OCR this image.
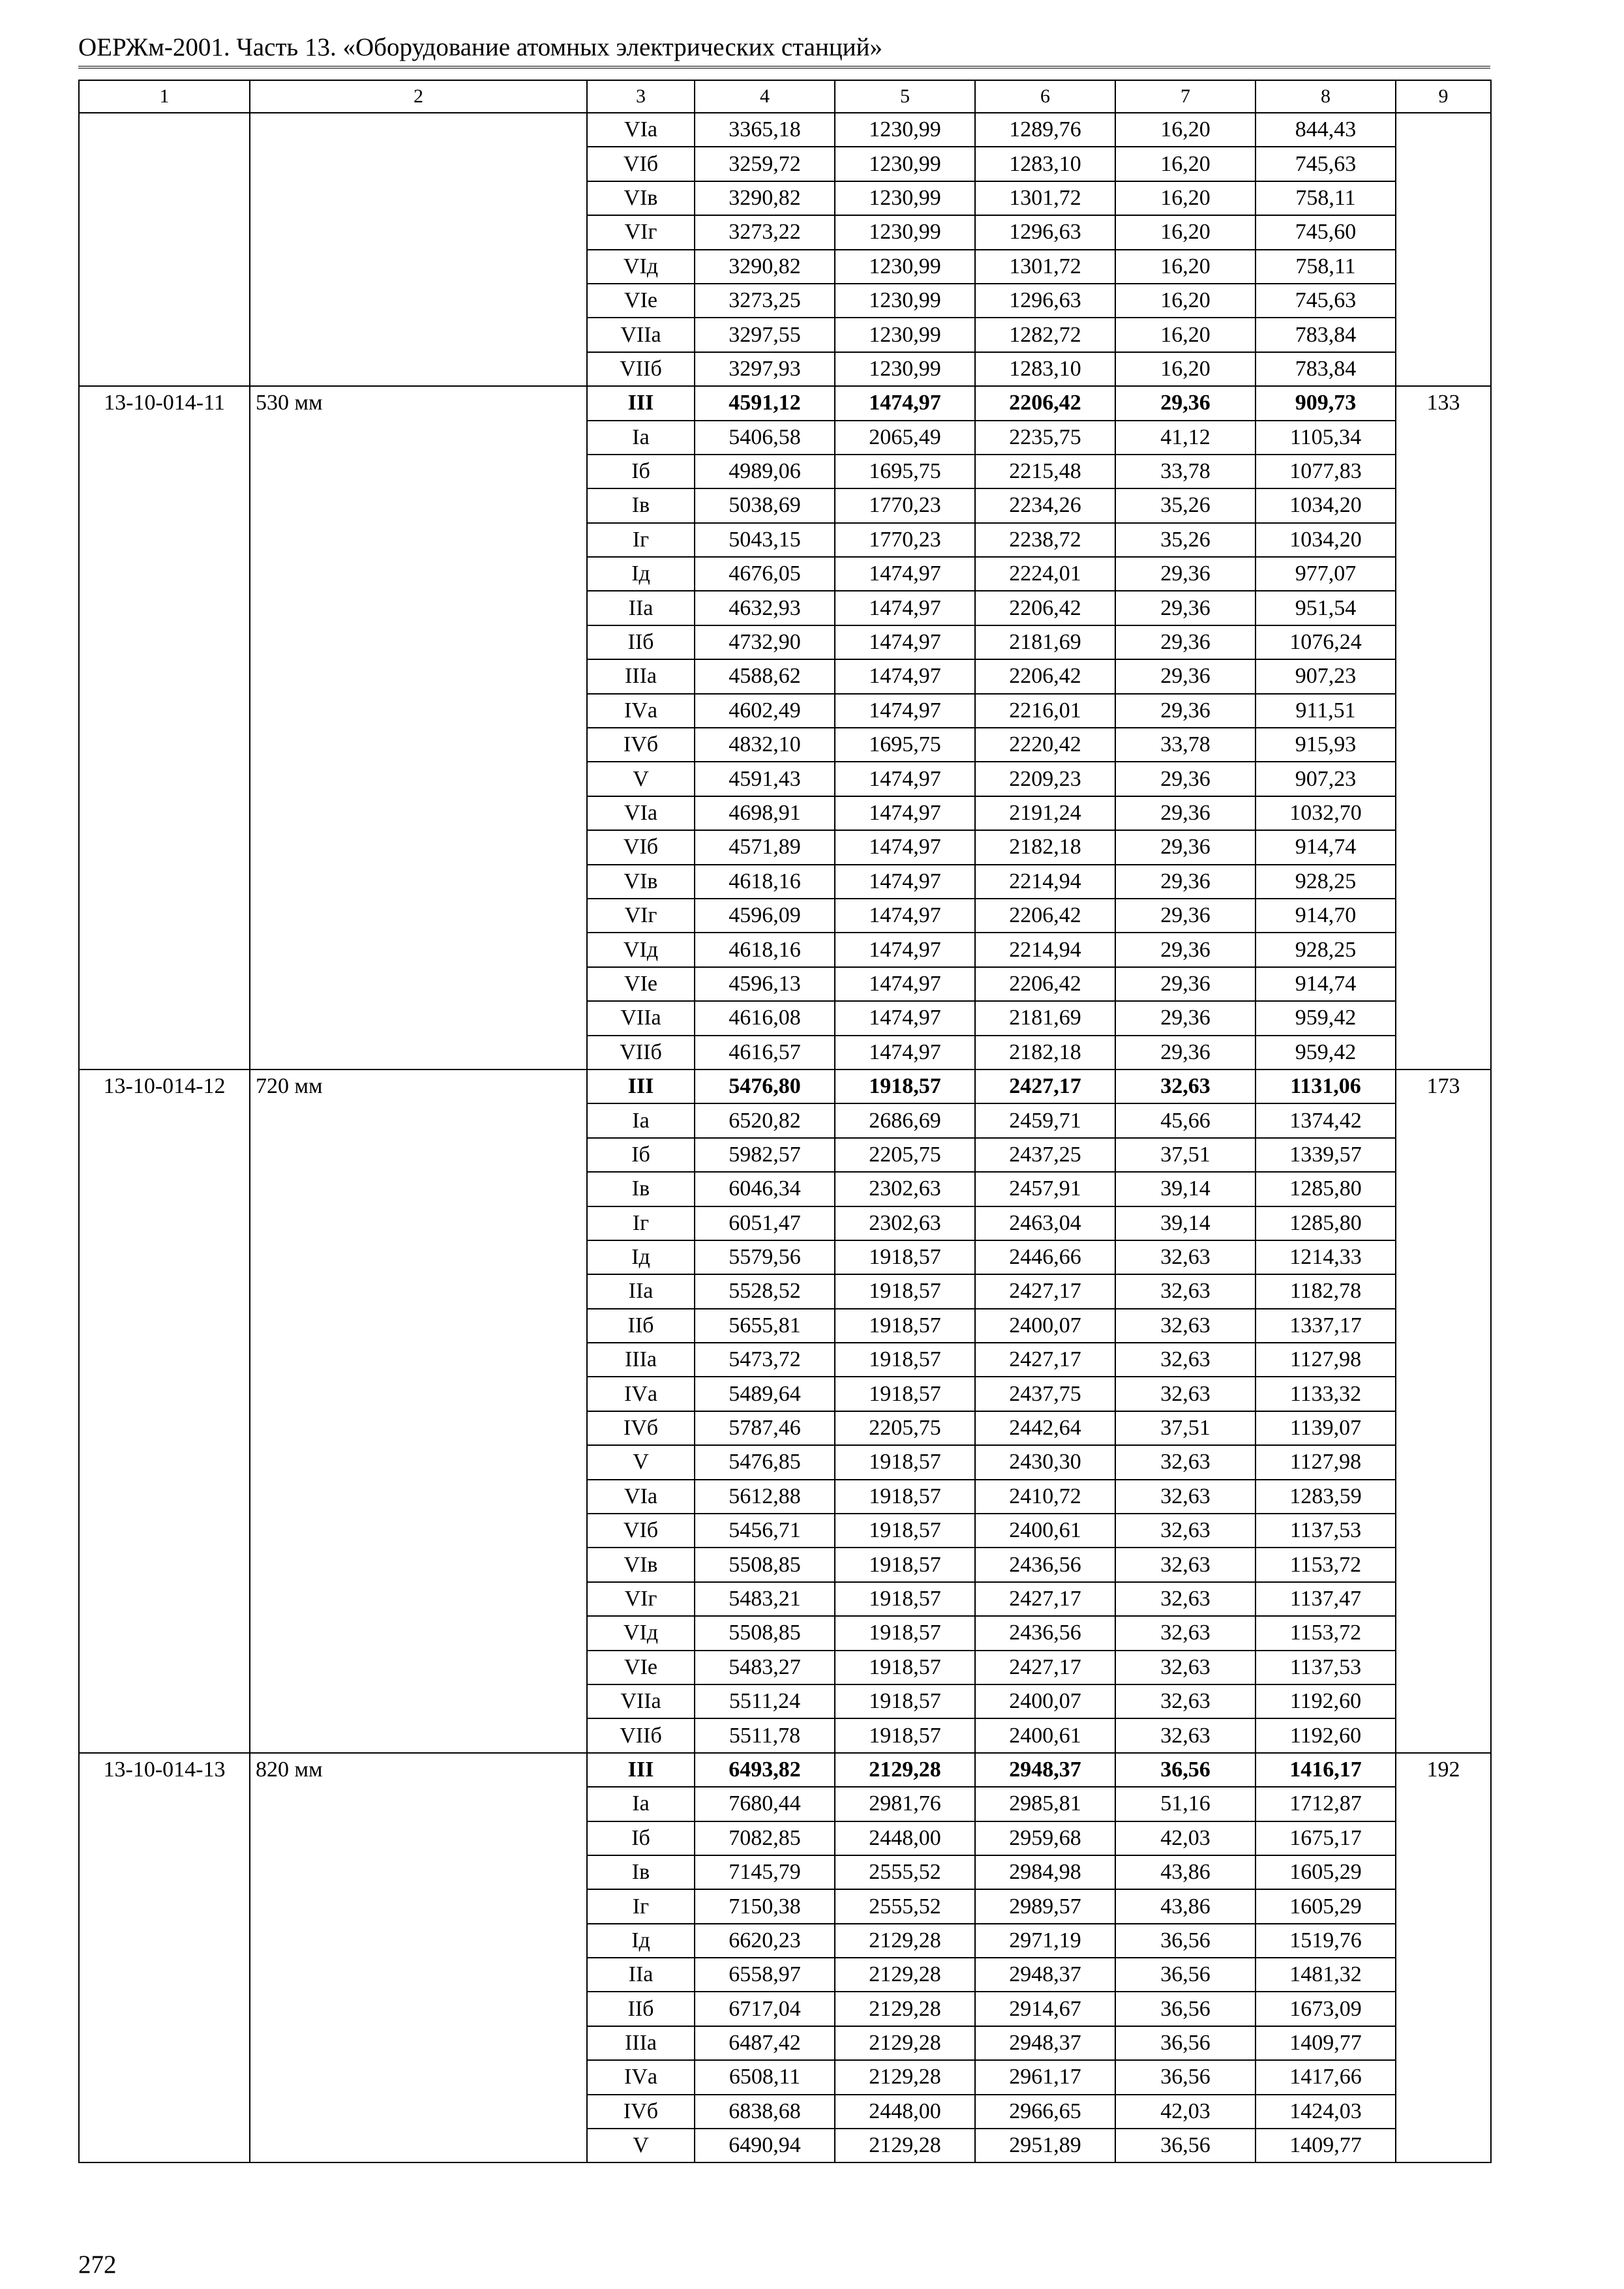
ОЕРЖм-2001. Часть 13. «Оборудование атомных электрических станций»
1	2	3	4	5	6	7	8	9
		VIа	3365,18	1230,99	1289,76	16,20	844,43	
		VIб	3259,72	1230,99	1283,10	16,20	745,63	
		VIв	3290,82	1230,99	1301,72	16,20	758,11	
		VIг	3273,22	1230,99	1296,63	16,20	745,60	
		VIд	3290,82	1230,99	1301,72	16,20	758,11	
		VIе	3273,25	1230,99	1296,63	16,20	745,63	
		VIIа	3297,55	1230,99	1282,72	16,20	783,84	
		VIIб	3297,93	1230,99	1283,10	16,20	783,84	
13-10-014-11	530 мм	III	4591,12	1474,97	2206,42	29,36	909,73	133
		Iа	5406,58	2065,49	2235,75	41,12	1105,34	
		Iб	4989,06	1695,75	2215,48	33,78	1077,83	
		Iв	5038,69	1770,23	2234,26	35,26	1034,20	
		Iг	5043,15	1770,23	2238,72	35,26	1034,20	
		Iд	4676,05	1474,97	2224,01	29,36	977,07	
		IIа	4632,93	1474,97	2206,42	29,36	951,54	
		IIб	4732,90	1474,97	2181,69	29,36	1076,24	
		IIIа	4588,62	1474,97	2206,42	29,36	907,23	
		IVа	4602,49	1474,97	2216,01	29,36	911,51	
		IVб	4832,10	1695,75	2220,42	33,78	915,93	
		V	4591,43	1474,97	2209,23	29,36	907,23	
		VIа	4698,91	1474,97	2191,24	29,36	1032,70	
		VIб	4571,89	1474,97	2182,18	29,36	914,74	
		VIв	4618,16	1474,97	2214,94	29,36	928,25	
		VIг	4596,09	1474,97	2206,42	29,36	914,70	
		VIд	4618,16	1474,97	2214,94	29,36	928,25	
		VIе	4596,13	1474,97	2206,42	29,36	914,74	
		VIIа	4616,08	1474,97	2181,69	29,36	959,42	
		VIIб	4616,57	1474,97	2182,18	29,36	959,42	
13-10-014-12	720 мм	III	5476,80	1918,57	2427,17	32,63	1131,06	173
		Iа	6520,82	2686,69	2459,71	45,66	1374,42	
		Iб	5982,57	2205,75	2437,25	37,51	1339,57	
		Iв	6046,34	2302,63	2457,91	39,14	1285,80	
		Iг	6051,47	2302,63	2463,04	39,14	1285,80	
		Iд	5579,56	1918,57	2446,66	32,63	1214,33	
		IIа	5528,52	1918,57	2427,17	32,63	1182,78	
		IIб	5655,81	1918,57	2400,07	32,63	1337,17	
		IIIа	5473,72	1918,57	2427,17	32,63	1127,98	
		IVа	5489,64	1918,57	2437,75	32,63	1133,32	
		IVб	5787,46	2205,75	2442,64	37,51	1139,07	
		V	5476,85	1918,57	2430,30	32,63	1127,98	
		VIа	5612,88	1918,57	2410,72	32,63	1283,59	
		VIб	5456,71	1918,57	2400,61	32,63	1137,53	
		VIв	5508,85	1918,57	2436,56	32,63	1153,72	
		VIг	5483,21	1918,57	2427,17	32,63	1137,47	
		VIд	5508,85	1918,57	2436,56	32,63	1153,72	
		VIе	5483,27	1918,57	2427,17	32,63	1137,53	
		VIIа	5511,24	1918,57	2400,07	32,63	1192,60	
		VIIб	5511,78	1918,57	2400,61	32,63	1192,60	
13-10-014-13	820 мм	III	6493,82	2129,28	2948,37	36,56	1416,17	192
		Iа	7680,44	2981,76	2985,81	51,16	1712,87	
		Iб	7082,85	2448,00	2959,68	42,03	1675,17	
		Iв	7145,79	2555,52	2984,98	43,86	1605,29	
		Iг	7150,38	2555,52	2989,57	43,86	1605,29	
		Iд	6620,23	2129,28	2971,19	36,56	1519,76	
		IIа	6558,97	2129,28	2948,37	36,56	1481,32	
		IIб	6717,04	2129,28	2914,67	36,56	1673,09	
		IIIа	6487,42	2129,28	2948,37	36,56	1409,77	
		IVа	6508,11	2129,28	2961,17	36,56	1417,66	
		IVб	6838,68	2448,00	2966,65	42,03	1424,03	
		V	6490,94	2129,28	2951,89	36,56	1409,77	
272
